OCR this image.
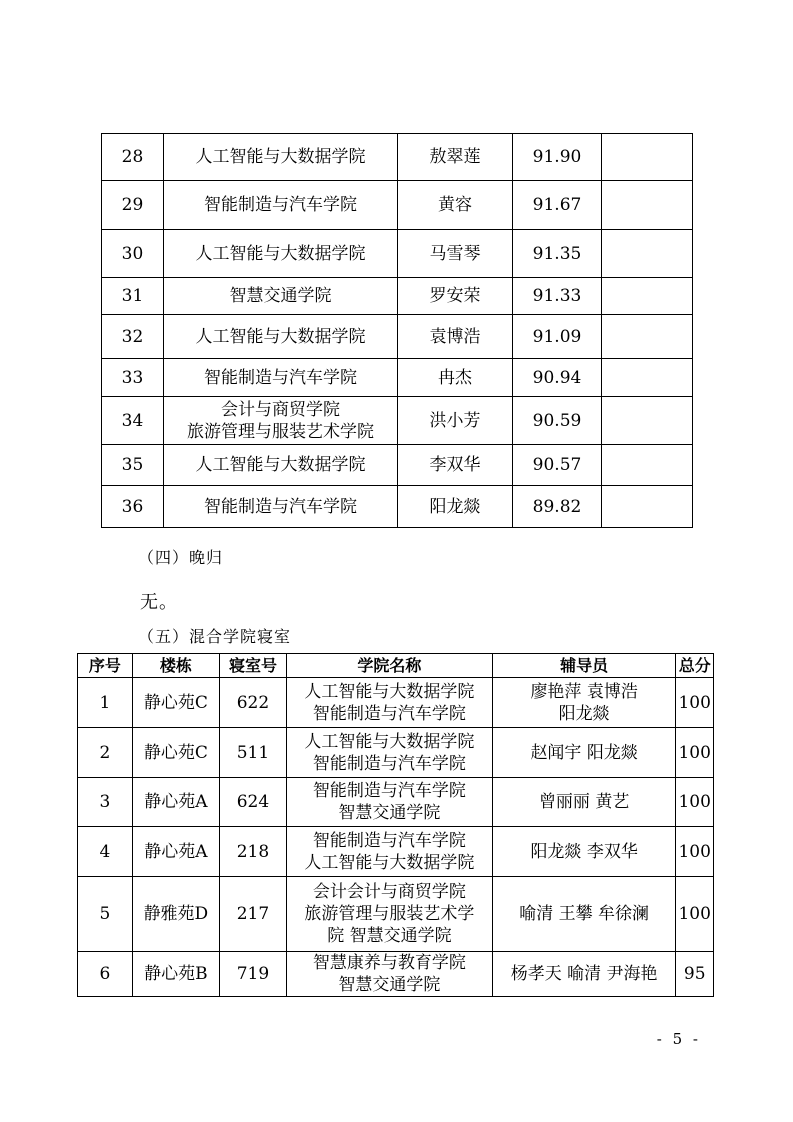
28	人工智能与大数据学院	敖翠莲	91.90	
29	智能制造与汽车学院	黄容	91.67	
30	人工智能与大数据学院	马雪琴	91.35	
31	智慧交通学院	罗安荣	91.33	
32	人工智能与大数据学院	袁博浩	91.09	
33	智能制造与汽车学院	冉杰	90.94	
34	会计与商贸学院
旅游管理与服装艺术学院	洪小芳	90.59	
35	人工智能与大数据学院	李双华	90.57	
36	智能制造与汽车学院	阳龙燚	89.82	
（四）晚归
无。
（五）混合学院寝室
序号	楼栋	寝室号	学院名称	辅导员	总分
1	静心苑C	622	人工智能与大数据学院
智能制造与汽车学院	廖艳萍 袁博浩
阳龙燚	100
2	静心苑C	511	人工智能与大数据学院
智能制造与汽车学院	赵闻宇 阳龙燚	100
3	静心苑A	624	智能制造与汽车学院
智慧交通学院	曾丽丽 黄艺	100
4	静心苑A	218	智能制造与汽车学院
人工智能与大数据学院	阳龙燚 李双华	100
5	静雅苑D	217	会计会计与商贸学院
旅游管理与服装艺术学
院 智慧交通学院	喻清 王攀 牟徐澜	100
6	静心苑B	719	智慧康养与教育学院
智慧交通学院	杨孝天 喻清 尹海艳	95
- 5 -
